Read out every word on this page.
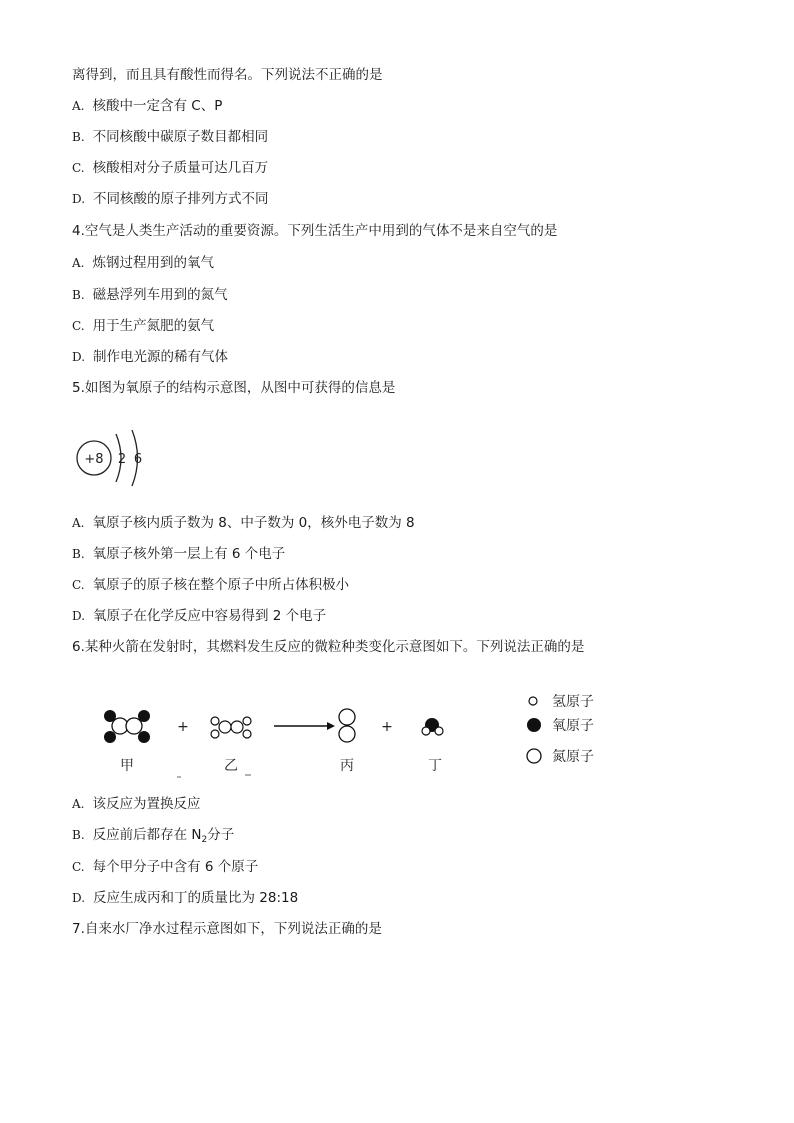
离得到，而且具有酸性而得名。下列说法不正确的是
A. 核酸中一定含有 C、P
B. 不同核酸中碳原子数目都相同
C. 核酸相对分子质量可达几百万
D. 不同核酸的原子排列方式不同
4.空气是人类生产活动的重要资源。下列生活生产中用到的气体不是来自空气的是
A. 炼钢过程用到的氧气
B. 磁悬浮列车用到的氮气
C. 用于生产氮肥的氨气
D. 制作电光源的稀有气体
5.如图为氧原子的结构示意图，从图中可获得的信息是
+8 2 6
A. 氧原子核内质子数为 8、中子数为 0，核外电子数为 8
B. 氧原子核外第一层上有 6 个电子
C. 氧原子的原子核在整个原子中所占体积极小
D. 氧原子在化学反应中容易得到 2 个电子
6.某种火箭在发射时，其燃料发生反应的微粒种类变化示意图如下。下列说法正确的是
+	+
甲	乙	丙	丁
氢原子
氧原子
氮原子
A. 该反应为置换反应
B. 反应前后都存在 $N_2$分子
C. 每个甲分子中含有 6 个原子
D. 反应生成丙和丁的质量比为 28:18
7.自来水厂净水过程示意图如下，下列说法正确的是
